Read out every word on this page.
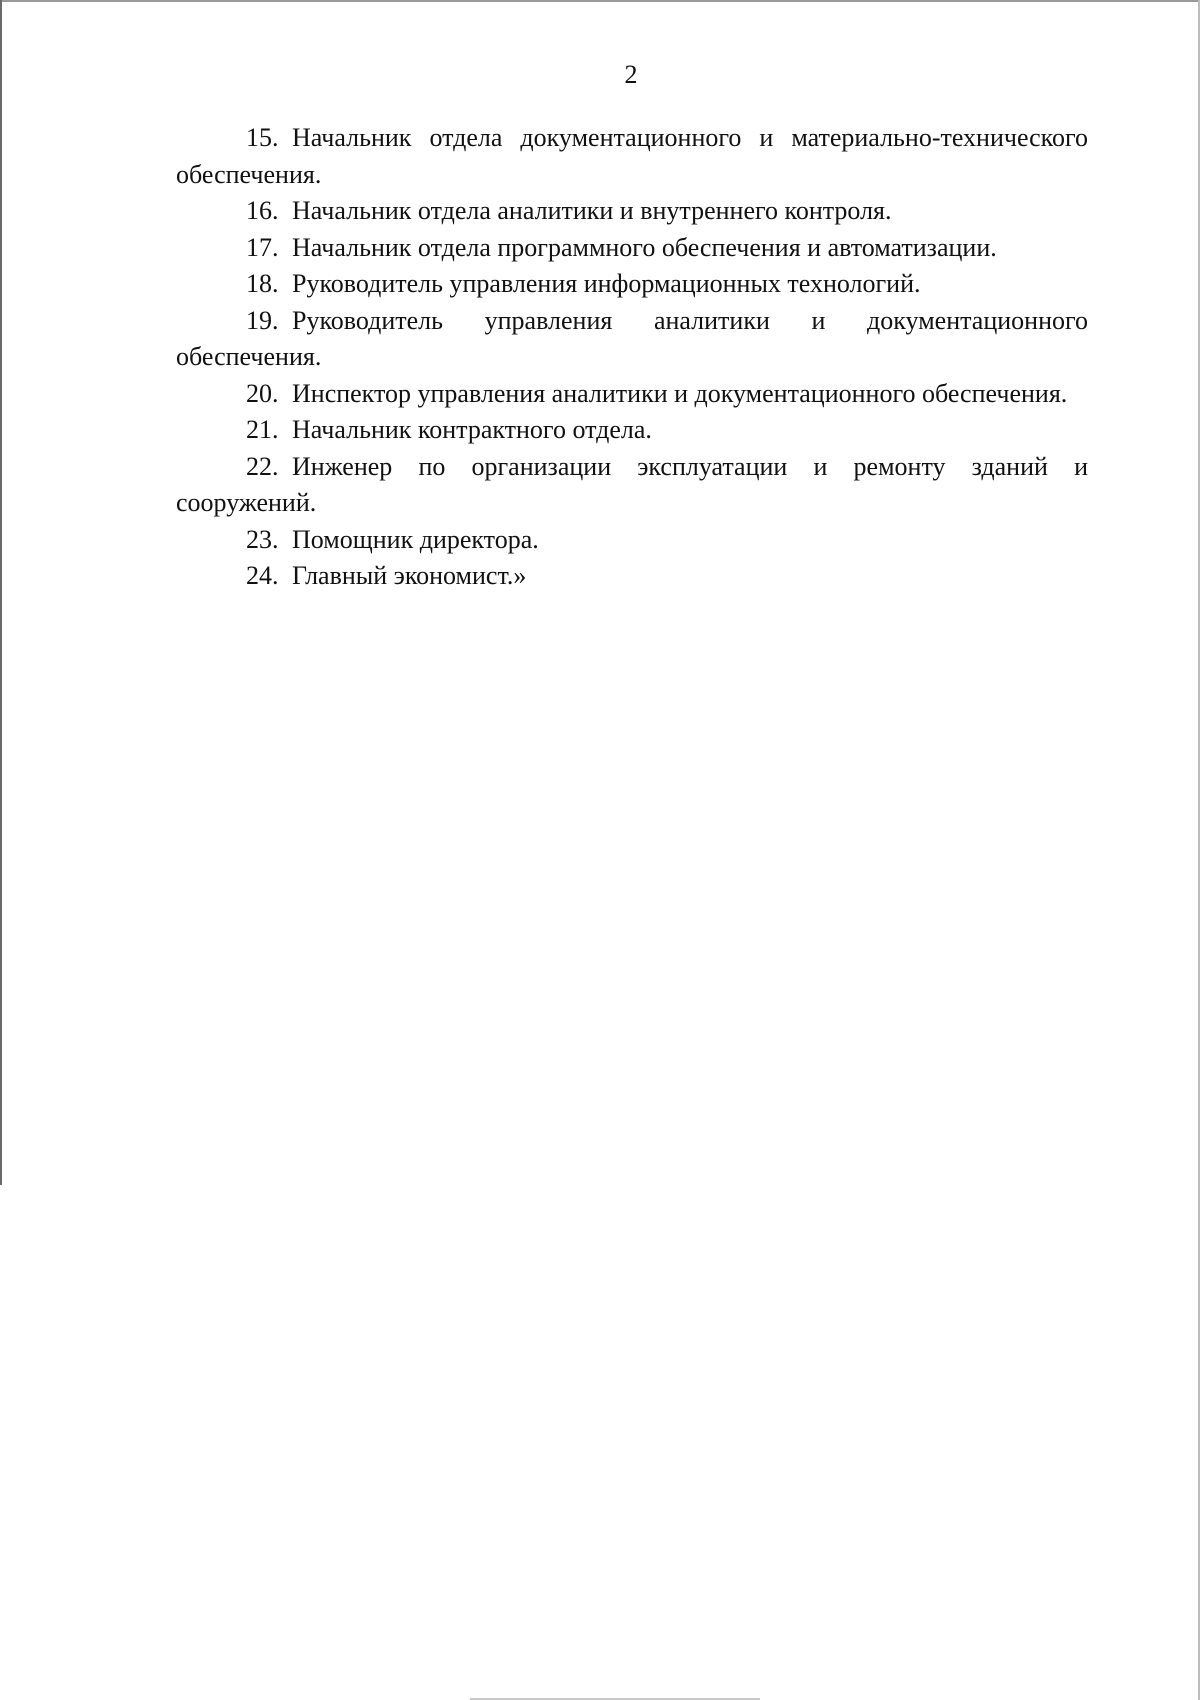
2

15. Начальник отдела документационного и материально-технического обеспечения.

16. Начальник отдела аналитики и внутреннего контроля.

17. Начальник отдела программного обеспечения и автоматизации.

18. Руководитель управления информационных технологий.

19. Руководитель управления аналитики и документационного обеспечения.

20. Инспектор управления аналитики и документационного обеспечения.

21. Начальник контрактного отдела.

22. Инженер по организации эксплуатации и ремонту зданий и сооружений.

23. Помощник директора.

24. Главный экономист.»
